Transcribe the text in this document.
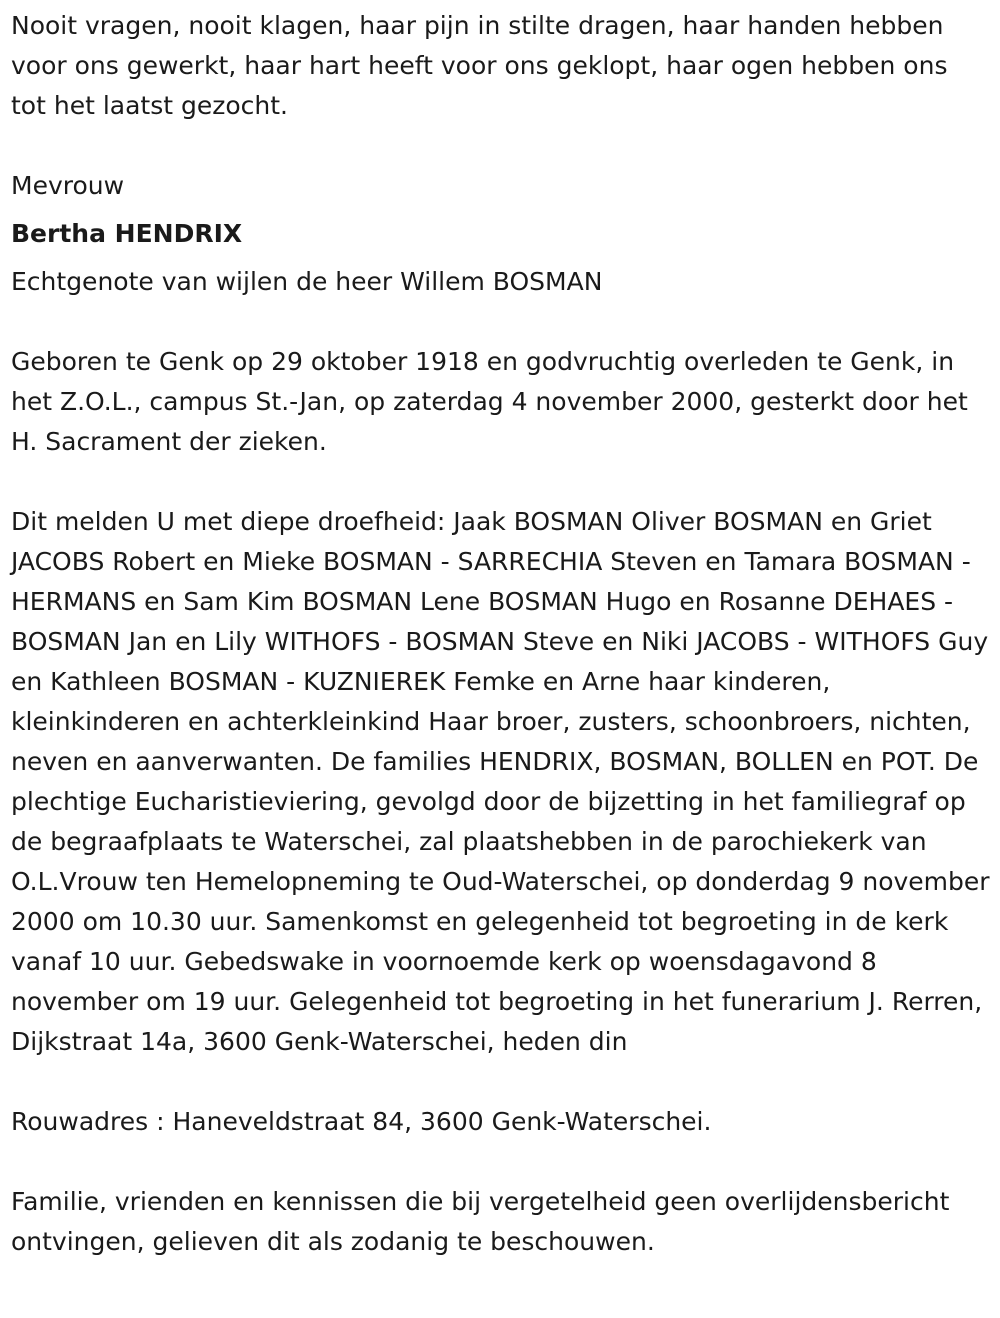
Nooit vragen, nooit klagen, haar pijn in stilte dragen, haar handen hebben voor ons gewerkt, haar hart heeft voor ons geklopt, haar ogen hebben ons tot het laatst gezocht.

Mevrouw

Bertha HENDRIX

Echtgenote van wijlen de heer Willem BOSMAN

Geboren te Genk op 29 oktober 1918 en godvruchtig overleden te Genk, in het Z.O.L., campus St.-Jan, op zaterdag 4 november 2000, gesterkt door het H. Sacrament der zieken.

Dit melden U met diepe droefheid: Jaak BOSMAN Oliver BOSMAN en Griet JACOBS Robert en Mieke BOSMAN - SARRECHIA Steven en Tamara BOSMAN - HERMANS en Sam Kim BOSMAN Lene BOSMAN Hugo en Rosanne DEHAES - BOSMAN Jan en Lily WITHOFS - BOSMAN Steve en Niki JACOBS - WITHOFS Guy en Kathleen BOSMAN - KUZNIEREK Femke en Arne haar kinderen, kleinkinderen en achterkleinkind Haar broer, zusters, schoonbroers, nichten, neven en aanverwanten. De families HENDRIX, BOSMAN, BOLLEN en POT. De plechtige Eucharistieviering, gevolgd door de bijzetting in het familiegraf op de begraafplaats te Waterschei, zal plaatshebben in de parochiekerk van O.L.Vrouw ten Hemelopneming te Oud-Waterschei, op donderdag 9 november 2000 om 10.30 uur. Samenkomst en gelegenheid tot begroeting in de kerk vanaf 10 uur. Gebedswake in voornoemde kerk op woensdagavond 8 november om 19 uur. Gelegenheid tot begroeting in het funerarium J. Rerren, Dijkstraat 14a, 3600 Genk-Waterschei, heden din

Rouwadres : Haneveldstraat 84, 3600 Genk-Waterschei.

Familie, vrienden en kennissen die bij vergetelheid geen overlijdensbericht ontvingen, gelieven dit als zodanig te beschouwen.
